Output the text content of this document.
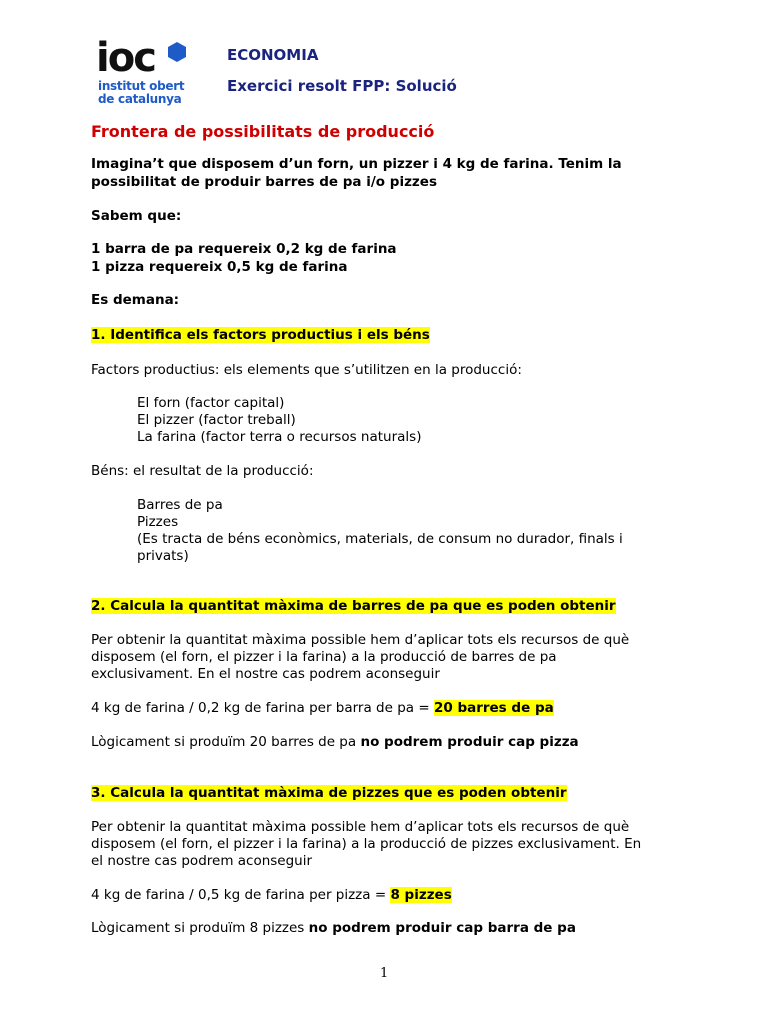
ioc
institut obert
de catalunya
ECONOMIA
Exercici resolt FPP: Solució
Frontera de possibilitats de producció
Imagina’t que disposem d’un forn, un pizzer i 4 kg de farina. Tenim la
possibilitat de produir barres de pa i/o pizzes
Sabem que:
1 barra de pa requereix 0,2 kg de farina
1 pizza requereix 0,5 kg de farina
Es demana:
1. Identifica els factors productius i els béns
Factors productius: els elements que s’utilitzen en la producció:
El forn (factor capital)
El pizzer (factor treball)
La farina (factor terra o recursos naturals)
Béns: el resultat de la producció:
Barres de pa
Pizzes
(Es tracta de béns econòmics, materials, de consum no durador, finals i
privats)
2. Calcula la quantitat màxima de barres de pa que es poden obtenir
Per obtenir la quantitat màxima possible hem d’aplicar tots els recursos de què
disposem (el forn, el pizzer i la farina) a la producció de barres de pa
exclusivament. En el nostre cas podrem aconseguir
4 kg de farina / 0,2 kg de farina per barra de pa = 20 barres de pa
Lògicament si produïm 20 barres de pa no podrem produir cap pizza
3. Calcula la quantitat màxima de pizzes que es poden obtenir
Per obtenir la quantitat màxima possible hem d’aplicar tots els recursos de què
disposem (el forn, el pizzer i la farina) a la producció de pizzes exclusivament. En
el nostre cas podrem aconseguir
4 kg de farina / 0,5 kg de farina per pizza = 8 pizzes
Lògicament si produïm 8 pizzes no podrem produir cap barra de pa
1
